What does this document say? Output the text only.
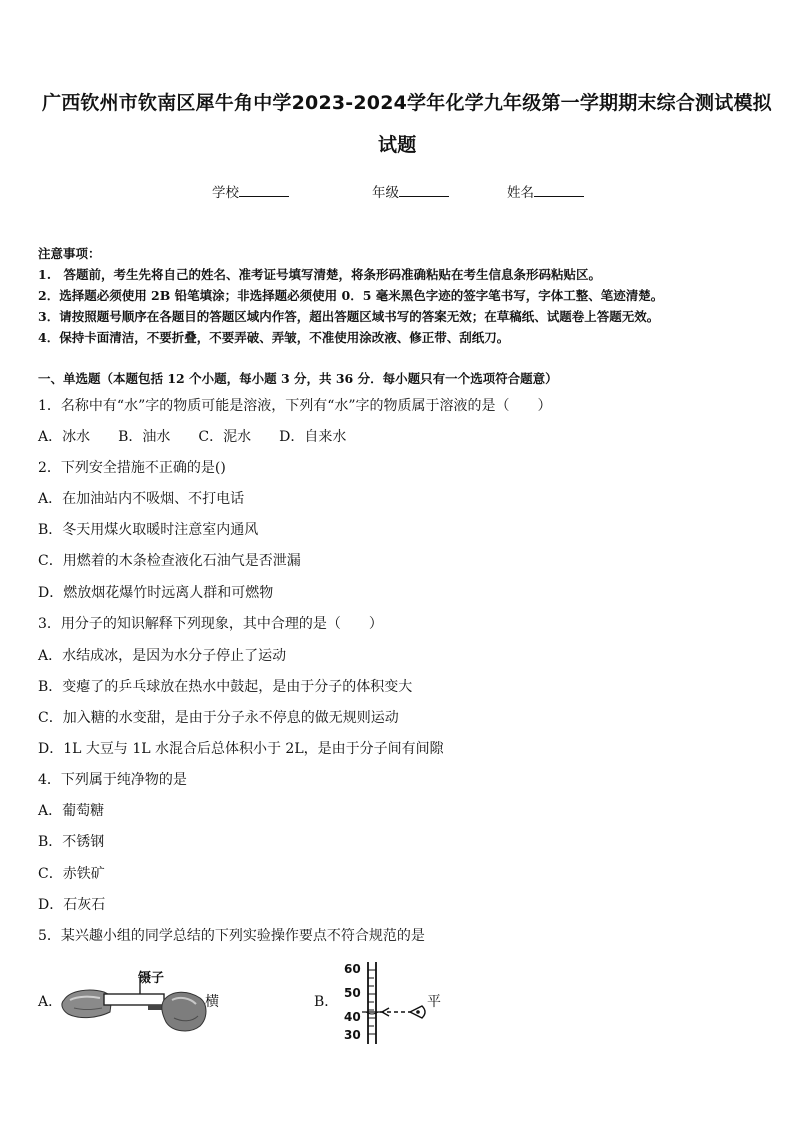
广西钦州市钦南区犀牛角中学2023-2024学年化学九年级第一学期期末综合测试模拟
试题
学校	年级	姓名
注意事项：
1.　答题前，考生先将自己的姓名、准考证号填写清楚，将条形码准确粘贴在考生信息条形码粘贴区。
2．选择题必须使用 2B 铅笔填涂；非选择题必须使用 0．5 毫米黑色字迹的签字笔书写，字体工整、笔迹清楚。
3．请按照题号顺序在各题目的答题区域内作答，超出答题区域书写的答案无效；在草稿纸、试题卷上答题无效。
4．保持卡面清洁，不要折叠，不要弄破、弄皱，不准使用涂改液、修正带、刮纸刀。
一、单选题（本题包括 12 个小题，每小题 3 分，共 36 分．每小题只有一个选项符合题意）
1．名称中有“水”字的物质可能是溶液，下列有“水”字的物质属于溶液的是（　　）
A．冰水　　B．油水　　C．泥水　　D．自来水
2．下列安全措施不正确的是()
A．在加油站内不吸烟、不打电话
B．冬天用煤火取暖时注意室内通风
C．用燃着的木条检查液化石油气是否泄漏
D．燃放烟花爆竹时远离人群和可燃物
3．用分子的知识解释下列现象，其中合理的是（　　）
A．水结成冰，是因为水分子停止了运动
B．变瘪了的乒乓球放在热水中鼓起，是由于分子的体积变大
C．加入糖的水变甜，是由于分子永不停息的做无规则运动
D．1L 大豆与 1L 水混合后总体积小于 2L，是由于分子间有间隙
4．下列属于纯净物的是
A．葡萄糖
B．不锈钢
C．赤铁矿
D．石灰石
5．某兴趣小组的同学总结的下列实验操作要点不符合规范的是
A．
镊子
横	B．
60
50
40
30
平
